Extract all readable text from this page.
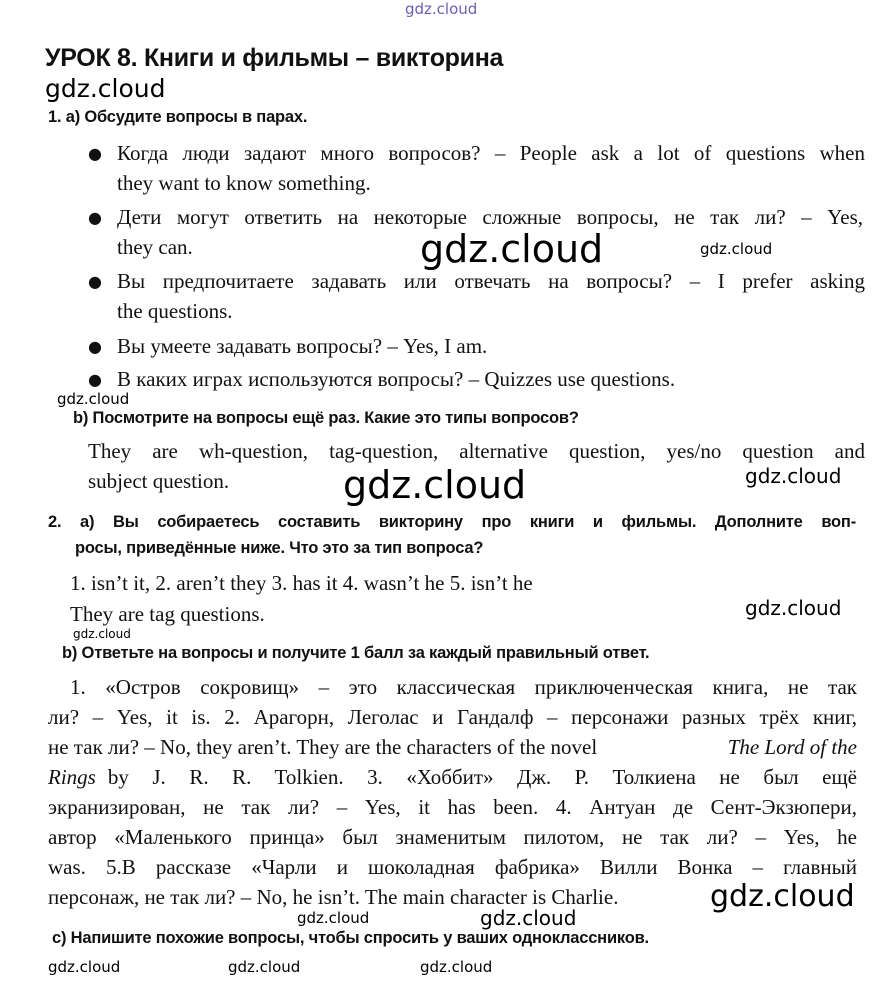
gdz.cloud
УРОК 8. Книги и фильмы – викторина
gdz.cloud
1. а) Обсудите вопросы в парах.
● Когда люди задают много вопросов? – People ask a lot of questions when
they want to know something.
● Дети могут ответить на некоторые сложные вопросы, не так ли? – Yes,
they can.
● Вы предпочитаете задавать или отвечать на вопросы? – I prefer asking
the questions.
● Вы умеете задавать вопросы? – Yes, I am.
● В каких играх используются вопросы? – Quizzes use questions.
gdz.cloud	gdz.cloud
gdz.cloud
b) Посмотрите на вопросы ещё раз. Какие это типы вопросов?
They are wh-question, tag-question, alternative question, yes/no question and
subject question.	gdz.cloud
gdz.cloud
2. а) Вы собираетесь составить викторину про книги и фильмы. Дополните воп-
росы, приведённые ниже. Что это за тип вопроса?
1. isn’t it, 2. aren’t they 3. has it 4. wasn’t he 5. isn’t he
They are tag questions.	gdz.cloud
gdz.cloud
b) Ответьте на вопросы и получите 1 балл за каждый правильный ответ.
1. «Остров сокровищ» – это классическая приключенческая книга, не так
ли? – Yes, it is. 2. Арагорн, Леголас и Гандалф – персонажи разных трёх книг,
не так ли? – No, they aren’t. They are the characters of the novel	The Lord of the
Rings by J. R. R. Tolkien. 3. «Хоббит» Дж. Р. Толкиена не был ещё
экранизирован, не так ли? – Yes, it has been. 4. Антуан де Сент-Экзюпери,
автор «Маленького принца» был знаменитым пилотом, не так ли? – Yes, he
was. 5.В рассказе «Чарли и шоколадная фабрика» Вилли Вонка – главный
персонаж, не так ли? – No, he isn’t. The main character is Charlie.	gdz.cloud
gdz.cloud	gdz.cloud
c) Напишите похожие вопросы, чтобы спросить у ваших одноклассников.
gdz.cloud	gdz.cloud	gdz.cloud
